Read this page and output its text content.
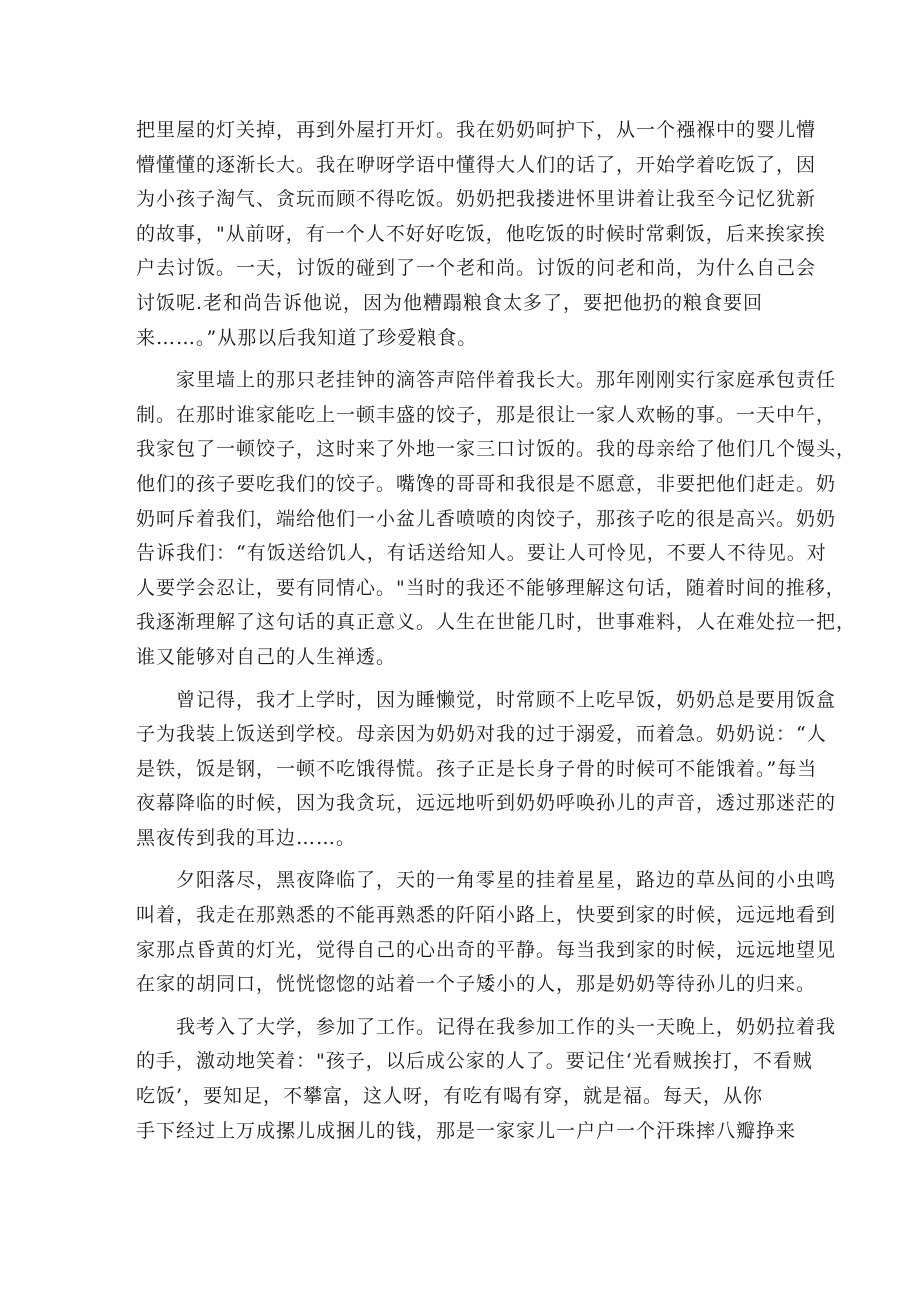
把里屋的灯关掉，再到外屋打开灯。我在奶奶呵护下，从一个襁褓中的婴儿懵
懵懂懂的逐渐长大。我在咿呀学语中懂得大人们的话了，开始学着吃饭了，因
为小孩子淘气、贪玩而顾不得吃饭。奶奶把我搂进怀里讲着让我至今记忆犹新
的故事，"从前呀，有一个人不好好吃饭，他吃饭的时候时常剩饭，后来挨家挨
户去讨饭。一天，讨饭的碰到了一个老和尚。讨饭的问老和尚，为什么自己会
讨饭呢.老和尚告诉他说，因为他糟蹋粮食太多了，要把他扔的粮食要回
来……。”从那以后我知道了珍爱粮食。
　　家里墙上的那只老挂钟的滴答声陪伴着我长大。那年刚刚实行家庭承包责任
制。在那时谁家能吃上一顿丰盛的饺子，那是很让一家人欢畅的事。一天中午，
我家包了一顿饺子，这时来了外地一家三口讨饭的。我的母亲给了他们几个馒头，
他们的孩子要吃我们的饺子。嘴馋的哥哥和我很是不愿意，非要把他们赶走。奶
奶呵斥着我们，端给他们一小盆儿香喷喷的肉饺子，那孩子吃的很是高兴。奶奶
告诉我们：“有饭送给饥人，有话送给知人。要让人可怜见，不要人不待见。对
人要学会忍让，要有同情心。"当时的我还不能够理解这句话，随着时间的推移，
我逐渐理解了这句话的真正意义。人生在世能几时，世事难料，人在难处拉一把，
谁又能够对自己的人生禅透。
　　曾记得，我才上学时，因为睡懒觉，时常顾不上吃早饭，奶奶总是要用饭盒
子为我装上饭送到学校。母亲因为奶奶对我的过于溺爱，而着急。奶奶说：“人
是铁，饭是钢，一顿不吃饿得慌。孩子正是长身子骨的时候可不能饿着。”每当
夜幕降临的时候，因为我贪玩，远远地听到奶奶呼唤孙儿的声音，透过那迷茫的
黑夜传到我的耳边……。
　　夕阳落尽，黑夜降临了，天的一角零星的挂着星星，路边的草丛间的小虫鸣
叫着，我走在那熟悉的不能再熟悉的阡陌小路上，快要到家的时候，远远地看到
家那点昏黄的灯光，觉得自己的心出奇的平静。每当我到家的时候，远远地望见
在家的胡同口，恍恍惚惚的站着一个子矮小的人，那是奶奶等待孙儿的归来。
　　我考入了大学，参加了工作。记得在我参加工作的头一天晚上，奶奶拉着我
的手，激动地笑着："孩子，以后成公家的人了。要记住‘光看贼挨打，不看贼
吃饭’，要知足，不攀富，这人呀，有吃有喝有穿，就是福。每天，从你
手下经过上万成摞儿成捆儿的钱，那是一家家儿一户户一个汗珠摔八瓣挣来
